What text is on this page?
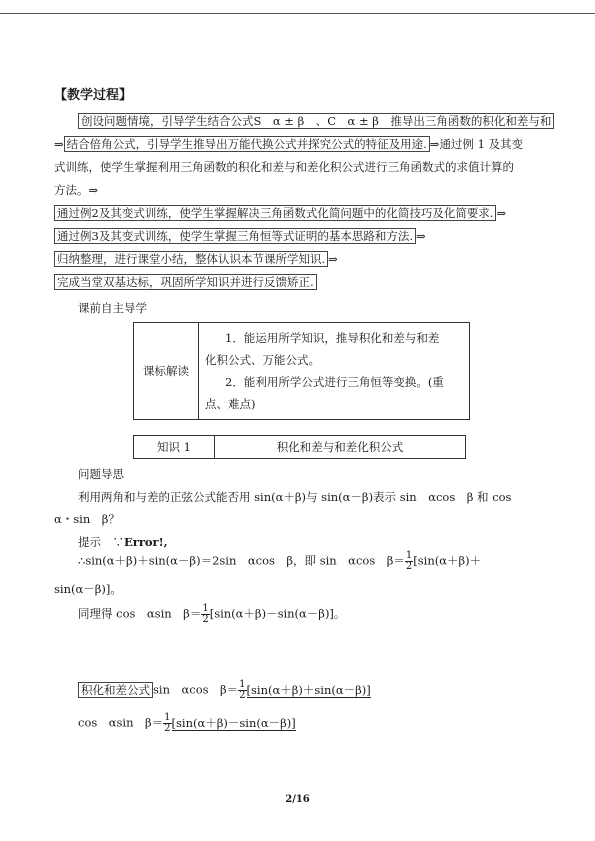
【教学过程】
创设问题情境，引导学生结合公式S　α ± β　、C　α ± β　推导出三角函数的积化和差与和
⇒ 结合倍角公式，引导学生推导出万能代换公式并探究公式的特征及用途. ⇒通过例 1 及其变
式训练，使学生掌握利用三角函数的积化和差与和差化积公式进行三角函数式的求值计算的
方法。⇒
通过例2及其变式训练，使学生掌握解决三角函数式化简问题中的化简技巧及化简要求. ⇒
通过例3及其变式训练，使学生掌握三角恒等式证明的基本思路和方法. ⇒
归纳整理，进行课堂小结，整体认识本节课所学知识. ⇒
完成当堂双基达标，巩固所学知识并进行反馈矫正.
课前自主导学
课标解读	
1．能运用所学知识，推导积化和差与和差
化积公式、万能公式。
2．能利用所学公式进行三角恒等变换。(重
点、难点)
知识 1	积化和差与和差化积公式
问题导思
利用两角和与差的正弦公式能否用 sin(α＋β)与 sin(α－β)表示 sin　αcos　β 和 cos
α・sin　β？
提示　 ∵Error!,
∴sin(α＋β)＋sin(α－β)＝2sin　αcos　β，即 sin　αcos　$\beta= \frac{1}{2} [\sin(\alpha+\beta)+$
sin(α－β)]。
同理得 cos　αsin　$\beta= \frac{1}{2} [\sin(\alpha+\beta)-\sin(\alpha-\beta)]$。
积化和差公式 sin　αcos　$\beta= \frac{1}{2} [\sin(\alpha+\beta)+\sin(\alpha-\beta)]$
cos　αsin　$\beta= \frac{1}{2} [\sin(\alpha+\beta)-\sin(\alpha-\beta)]$
2/16
